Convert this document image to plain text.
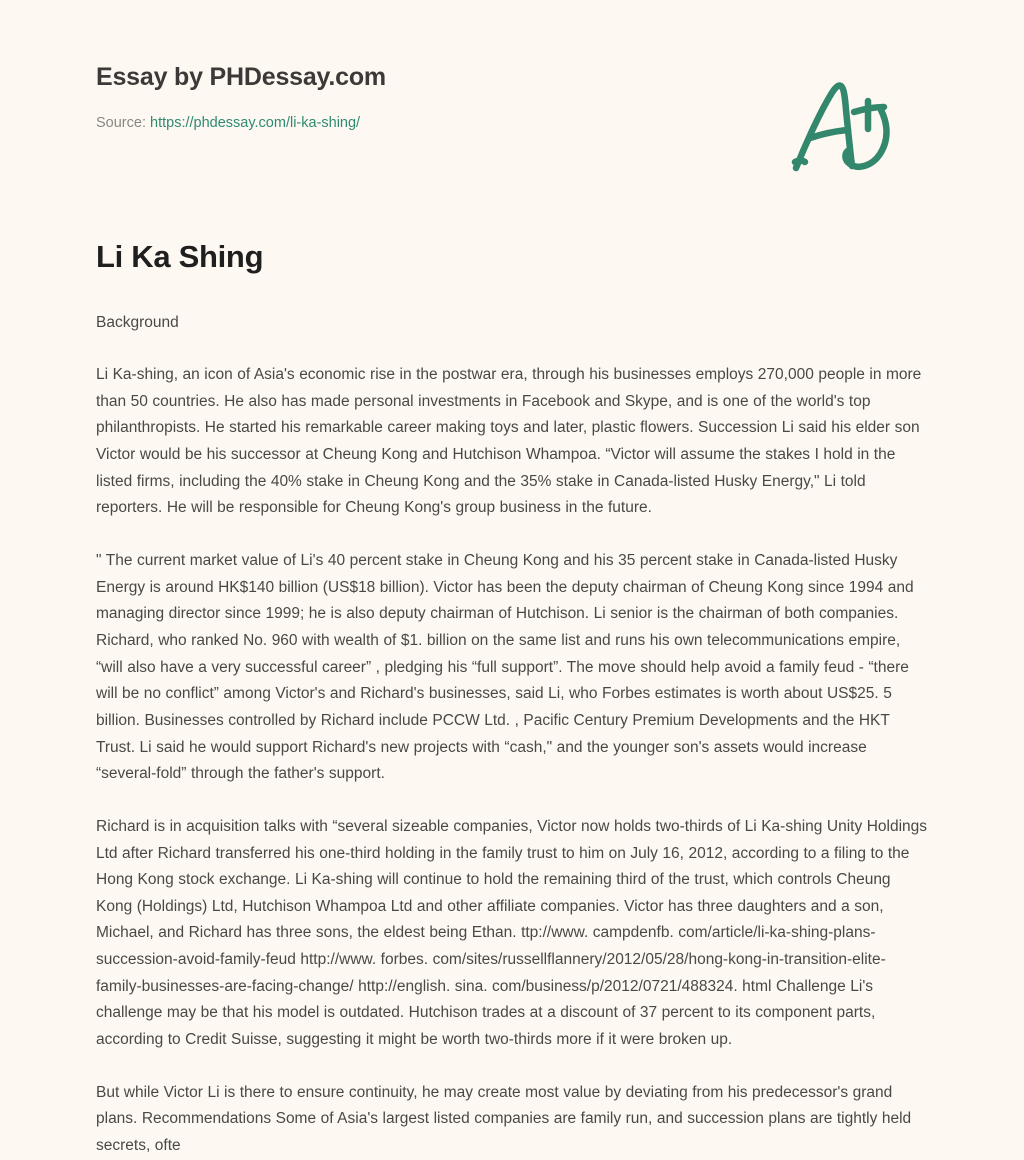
Essay by PHDessay.com
Source: https://phdessay.com/li-ka-shing/
Li Ka Shing
Background

Li Ka-shing, an icon of Asia's economic rise in the postwar era, through his businesses employs 270,000 people in more than 50 countries. He also has made personal investments in Facebook and Skype, and is one of the world's top philanthropists. He started his remarkable career making toys and later, plastic flowers. Succession Li said his elder son Victor would be his successor at Cheung Kong and Hutchison Whampoa. “Victor will assume the stakes I hold in the listed firms, including the 40% stake in Cheung Kong and the 35% stake in Canada-listed Husky Energy," Li told reporters. He will be responsible for Cheung Kong's group business in the future.

" The current market value of Li's 40 percent stake in Cheung Kong and his 35 percent stake in Canada-listed Husky Energy is around HK$140 billion (US$18 billion). Victor has been the deputy chairman of Cheung Kong since 1994 and managing director since 1999; he is also deputy chairman of Hutchison. Li senior is the chairman of both companies. Richard, who ranked No. 960 with wealth of $1. billion on the same list and runs his own telecommunications empire, “will also have a very successful career” , pledging his “full support”. The move should help avoid a family feud - “there will be no conflict” among Victor's and Richard's businesses, said Li, who Forbes estimates is worth about US$25. 5 billion. Businesses controlled by Richard include PCCW Ltd. , Pacific Century Premium Developments and the HKT Trust. Li said he would support Richard's new projects with “cash," and the younger son's assets would increase “several-fold” through the father's support.

Richard is in acquisition talks with “several sizeable companies, Victor now holds two-thirds of Li Ka-shing Unity Holdings Ltd after Richard transferred his one-third holding in the family trust to him on July 16, 2012, according to a filing to the Hong Kong stock exchange. Li Ka-shing will continue to hold the remaining third of the trust, which controls Cheung Kong (Holdings) Ltd, Hutchison Whampoa Ltd and other affiliate companies. Victor has three daughters and a son, Michael, and Richard has three sons, the eldest being Ethan. ttp://www. campdenfb. com/article/li-ka-shing-plans-succession-avoid-family-feud http://www. forbes. com/sites/russellflannery/2012/05/28/hong-kong-in-transition-elite-family-businesses-are-facing-change/ http://english. sina. com/business/p/2012/0721/488324. html Challenge Li's challenge may be that his model is outdated. Hutchison trades at a discount of 37 percent to its component parts, according to Credit Suisse, suggesting it might be worth two-thirds more if it were broken up.

But while Victor Li is there to ensure continuity, he may create most value by deviating from his predecessor's grand plans. Recommendations Some of Asia's largest listed companies are family run, and succession plans are tightly held secrets, ofte
